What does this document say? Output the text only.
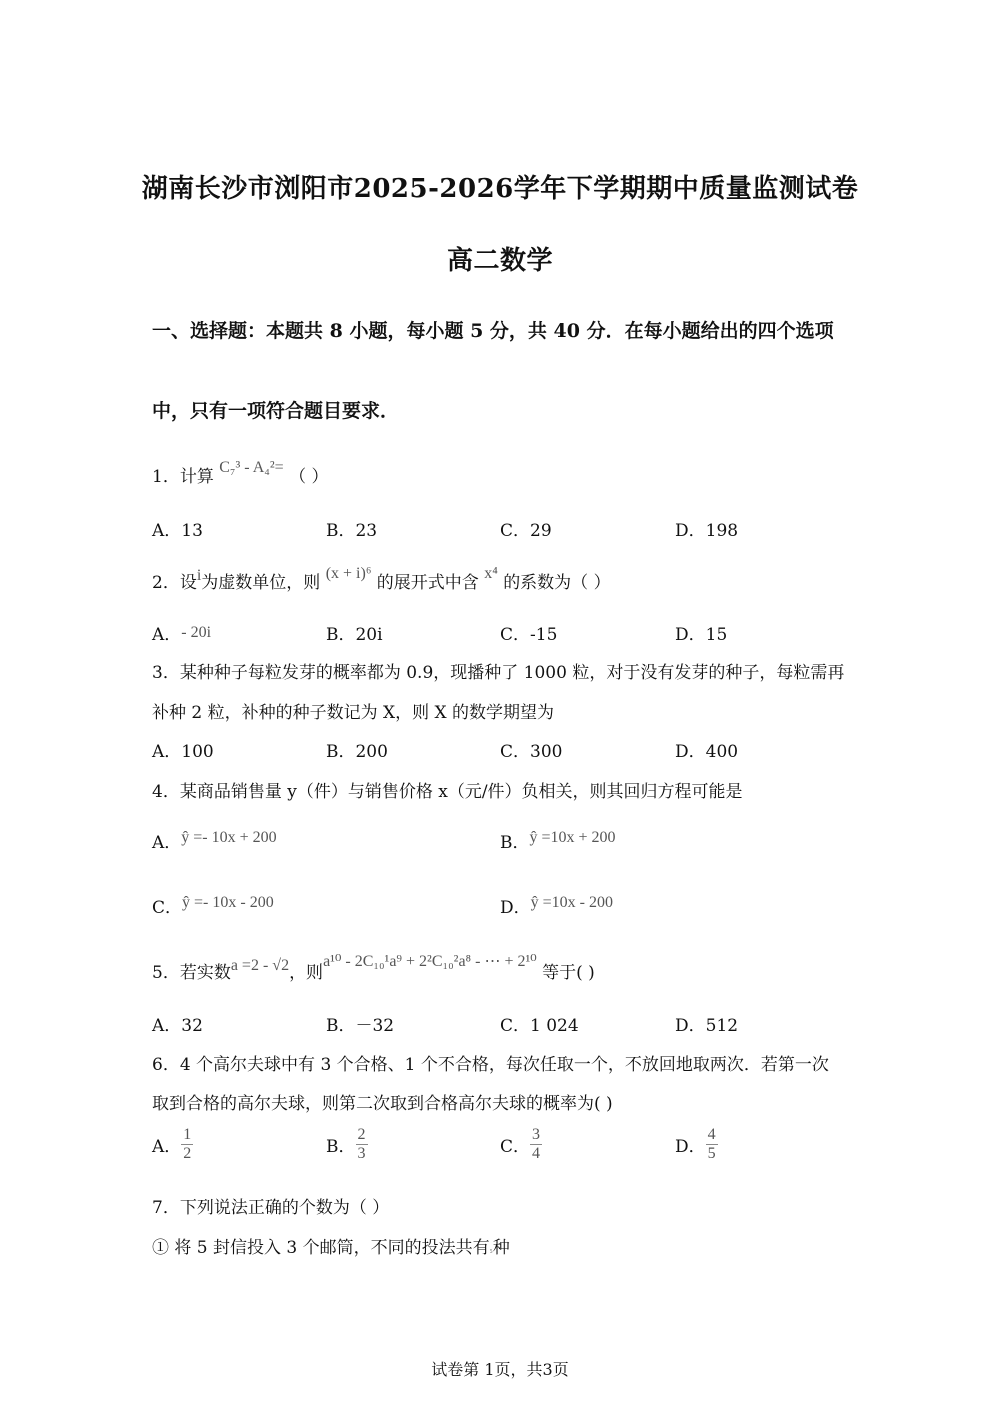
湖南长沙市浏阳市2025-2026学年下学期期中质量监测试卷
高二数学
一、选择题：本题共 8 小题，每小题 5 分，共 40 分．在每小题给出的四个选项
中，只有一项符合题目要求．
1．计算 C₇³ - A₄²= （ ）
A．13	B．23	C．29	D．198
2．设i为虚数单位，则 (x + i)⁶ 的展开式中含 x⁴ 的系数为（ ）
A．- 20i	B．20i	C．-15	D．15
3．某种种子每粒发芽的概率都为 0.9，现播种了 1000 粒，对于没有发芽的种子，每粒需再
补种 2 粒，补种的种子数记为 X，则 X 的数学期望为
A．100	B．200	C．300	D．400
4．某商品销售量 y（件）与销售价格 x（元/件）负相关，则其回归方程可能是
A．ŷ =- 10x + 200	B．ŷ =10x + 200
C．ŷ =- 10x - 200	D．ŷ =10x - 200
5．若实数a =2 - √2，则a¹⁰ - 2C₁₀¹a⁹ + 2²C₁₀²a⁸ - ⋯ + 2¹⁰ 等于( )
A．32	B．－32	C．1 024	D．512
6．4 个高尔夫球中有 3 个合格、1 个不合格，每次任取一个，不放回地取两次．若第一次
取到合格的高尔夫球，则第二次取到合格高尔夫球的概率为( )
A． $\frac{1}{2}$	B． $\frac{2}{3}$	C． $\frac{3}{4}$	D． $\frac{4}{5}$
7．下列说法正确的个数为（ ）
① 将 5 封信投入 3 个邮筒，不同的投法共有₅种
试卷第 1页，共3页
